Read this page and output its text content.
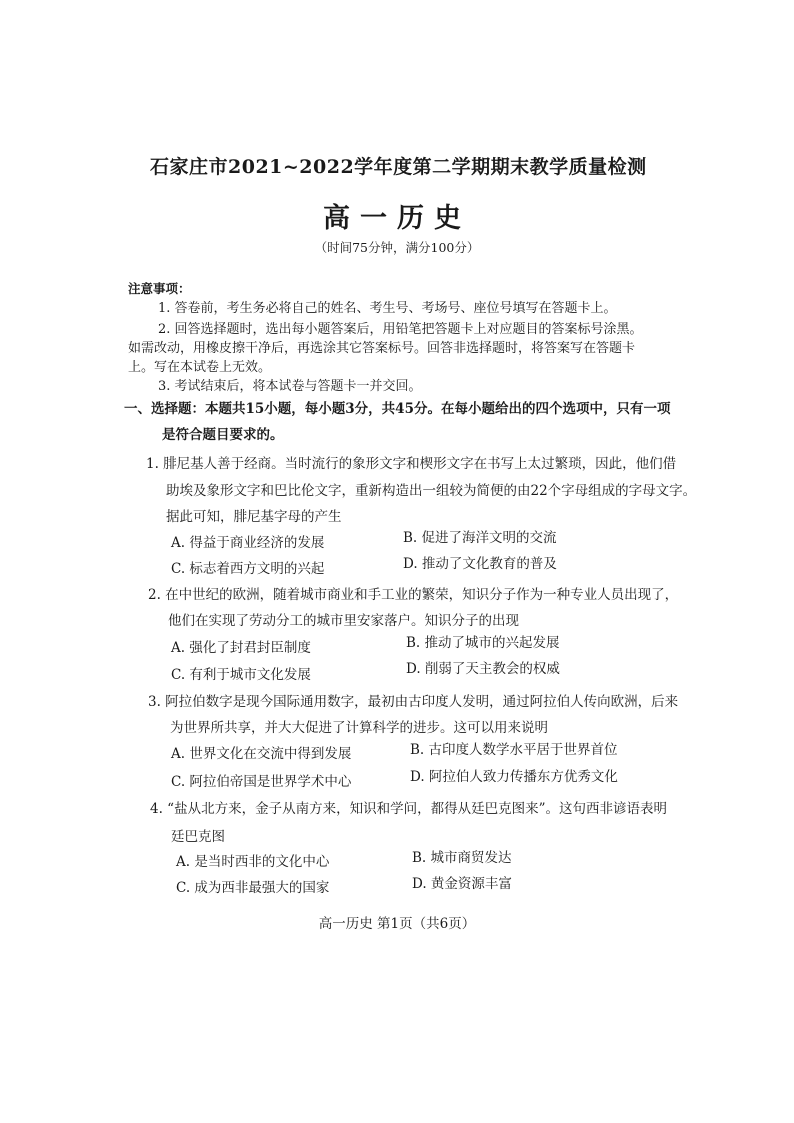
石家庄市2021~2022学年度第二学期期末教学质量检测
高一历史
（时间75分钟，满分100分）
注意事项：
1. 答卷前，考生务必将自己的姓名、考生号、考场号、座位号填写在答题卡上。
2. 回答选择题时，选出每小题答案后，用铅笔把答题卡上对应题目的答案标号涂黑。
如需改动，用橡皮擦干净后，再选涂其它答案标号。回答非选择题时，将答案写在答题卡
上。写在本试卷上无效。
3. 考试结束后，将本试卷与答题卡一并交回。
一、选择题：本题共15小题，每小题3分，共45分。在每小题给出的四个选项中，只有一项
是符合题目要求的。
1. 腓尼基人善于经商。当时流行的象形文字和楔形文字在书写上太过繁琐，因此，他们借
助埃及象形文字和巴比伦文字，重新构造出一组较为简便的由22个字母组成的字母文字。
据此可知，腓尼基字母的产生
A. 得益于商业经济的发展	B. 促进了海洋文明的交流
C. 标志着西方文明的兴起	D. 推动了文化教育的普及
2. 在中世纪的欧洲，随着城市商业和手工业的繁荣，知识分子作为一种专业人员出现了，
他们在实现了劳动分工的城市里安家落户。知识分子的出现
A. 强化了封君封臣制度	B. 推动了城市的兴起发展
C. 有利于城市文化发展	D. 削弱了天主教会的权威
3. 阿拉伯数字是现今国际通用数字，最初由古印度人发明，通过阿拉伯人传向欧洲，后来
为世界所共享，并大大促进了计算科学的进步。这可以用来说明
A. 世界文化在交流中得到发展	B. 古印度人数学水平居于世界首位
C. 阿拉伯帝国是世界学术中心	D. 阿拉伯人致力传播东方优秀文化
4. “盐从北方来，金子从南方来，知识和学问，都得从廷巴克图来”。这句西非谚语表明
廷巴克图
A. 是当时西非的文化中心	B. 城市商贸发达
C. 成为西非最强大的国家	D. 黄金资源丰富
高一历史 第1页（共6页）
